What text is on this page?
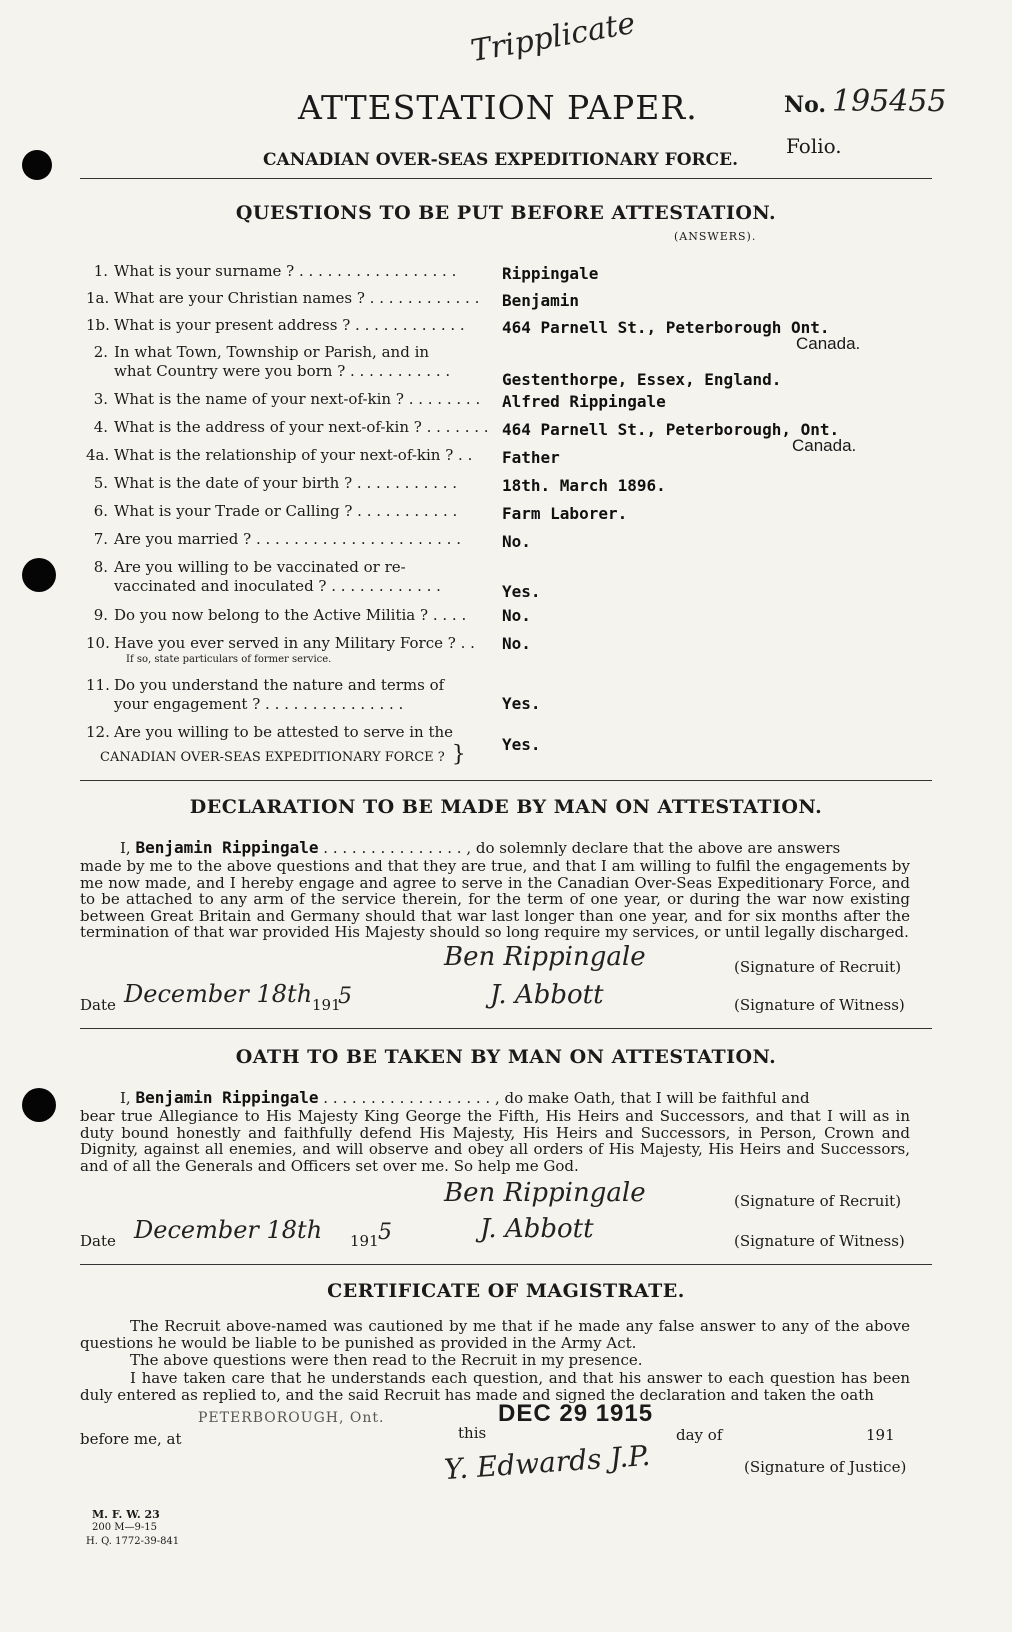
Tripplicate
ATTESTATION PAPER.	No. 195455
Folio.
CANADIAN OVER-SEAS EXPEDITIONARY FORCE.
QUESTIONS TO BE PUT BEFORE ATTESTATION.
(ANSWERS).
1. What is your surname ? . . . . . . . . . . . . . . . . .	Rippingale
1a. What are your Christian names ? . . . . . . . . . . . . Benjamin
1b. What is your present address ? . . . . . . . . . . . . 464 Parnell St., Peterborough Ont.
Canada.
2. In what Town, Township or Parish, and in
what Country were you born ? . . . . . . . . . . .	Gestenthorpe, Essex, England.
3. What is the name of your next-of-kin ? . . . . . . . . Alfred Rippingale
4. What is the address of your next-of-kin ? . . . . . . . 464 Parnell St., Peterborough, Ont.
Canada.
4a. What is the relationship of your next-of-kin ? . . Father
5. What is the date of your birth ? . . . . . . . . . . .	18th. March 1896.
6. What is your Trade or Calling ? . . . . . . . . . . .	Farm Laborer.
7. Are you married ? . . . . . . . . . . . . . . . . . . . . . .	No.
8. Are you willing to be vaccinated or re-
vaccinated and inoculated ? . . . . . . . . . . . .	Yes.
9. Do you now belong to the Active Militia ? . . . . No.
10. Have you ever served in any Military Force ? . .
If so, state particulars of former service.
No.
11. Do you understand the nature and terms of
your engagement ? . . . . . . . . . . . . . . .	Yes.
12. Are you willing to be attested to serve in the
CANADIAN OVER-SEAS EXPEDITIONARY FORCE ? } Yes.
DECLARATION TO BE MADE BY MAN ON ATTESTATION.
I, Benjamin Rippingale . . . . . . . . . . . . . . . , do solemnly declare that the above are answers
made by me to the above questions and that they are true, and that I am willing to fulfil the engagements by me now made, and I hereby engage and agree to serve in the Canadian Over-Seas Expeditionary Force, and to be attached to any arm of the service therein, for the term of one year, or during the war now existing between Great Britain and Germany should that war last longer than one year, and for six months after the termination of that war provided His Majesty should so long require my services, or until legally discharged.
Ben Rippingale	(Signature of Recruit)
Date December 18th 191
5	J. Abbott	(Signature of Witness)
OATH TO BE TAKEN BY MAN ON ATTESTATION.
I, Benjamin Rippingale . . . . . . . . . . . . . . . . . . , do make Oath, that I will be faithful and
bear true Allegiance to His Majesty King George the Fifth, His Heirs and Successors, and that I will as in duty bound honestly and faithfully defend His Majesty, His Heirs and Successors, in Person, Crown and Dignity, against all enemies, and will observe and obey all orders of His Majesty, His Heirs and Successors, and of all the Generals and Officers set over me. So help me God.
Ben Rippingale	(Signature of Recruit)
Date December 18th 191 5	J. Abbott	(Signature of Witness)
CERTIFICATE OF MAGISTRATE.
The Recruit above-named was cautioned by me that if he made any false answer to any of the above questions he would be liable to be punished as provided in the Army Act.
The above questions were then read to the Recruit in my presence.
I have taken care that he understands each question, and that his answer to each question has been duly entered as replied to, and the said Recruit has made and signed the declaration and taken the oath
PETERBOROUGH, Ont.	DEC 29 1915
before me, at	this	day of	191
Y. Edwards J.P.	(Signature of Justice)
M. F. W. 23
200 M—9-15
H. Q. 1772-39-841
